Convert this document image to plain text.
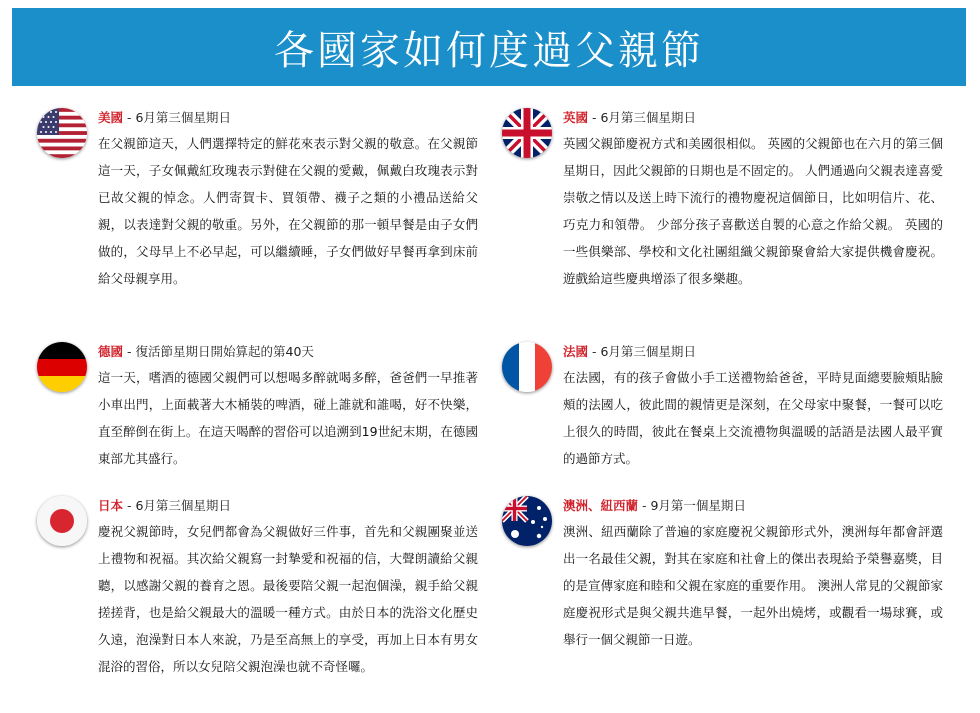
各國家如何度過父親節
美國 - 6月第三個星期日
在父親節這天，人們選擇特定的鮮花來表示對父親的敬意。在父親節這一天，子女佩戴紅玫瑰表示對健在父親的愛戴，佩戴白玫瑰表示對已故父親的悼念。人們寄賀卡、買領帶、襪子之類的小禮品送給父親，以表達對父親的敬重。另外，在父親節的那一頓早餐是由子女們做的，父母早上不必早起，可以繼續睡，子女們做好早餐再拿到床前給父母親享用。
英國 - 6月第三個星期日
英國父親節慶祝方式和美國很相似。 英國的父親節也在六月的第三個星期日，因此父親節的日期也是不固定的。 人們通過向父親表達喜愛崇敬之情以及送上時下流行的禮物慶祝這個節日，比如明信片、花、巧克力和領帶。 少部分孩子喜歡送自製的心意之作給父親。 英國的一些俱樂部、學校和文化社團組織父親節聚會給大家提供機會慶祝。 遊戲給這些慶典增添了很多樂趣。
德國 - 復活節星期日開始算起的第40天
這一天，嗜酒的德國父親們可以想喝多醉就喝多醉，爸爸們一早推著小車出門，上面載著大木桶裝的啤酒，碰上誰就和誰喝，好不快樂，直至醉倒在街上。在這天喝醉的習俗可以追溯到19世紀末期，在德國東部尤其盛行。
法國 - 6月第三個星期日
在法國，有的孩子會做小手工送禮物給爸爸，平時見面總要臉頰貼臉頰的法國人，彼此間的親情更是深刻，在父母家中聚餐，一餐可以吃上很久的時間，彼此在餐桌上交流禮物與溫暖的話語是法國人最平實的過節方式。
日本 - 6月第三個星期日
慶祝父親節時，女兒們都會為父親做好三件事，首先和父親團聚並送上禮物和祝福。其次給父親寫一封摯愛和祝福的信，大聲朗讀給父親聽，以感謝父親的養育之恩。最後要陪父親一起泡個澡，親手給父親搓搓背，也是給父親最大的溫暖一種方式。由於日本的洗浴文化歷史久遠，泡澡對日本人來說，乃是至高無上的享受，再加上日本有男女混浴的習俗，所以女兒陪父親泡澡也就不奇怪囉。
澳洲、紐西蘭 - 9月第一個星期日
澳洲、紐西蘭除了普遍的家庭慶祝父親節形式外，澳洲每年都會評選出一名最佳父親，對其在家庭和社會上的傑出表現給予榮譽嘉獎，目的是宣傳家庭和睦和父親在家庭的重要作用。 澳洲人常見的父親節家庭慶祝形式是與父親共進早餐，一起外出燒烤，或觀看一場球賽，或舉行一個父親節一日遊。
